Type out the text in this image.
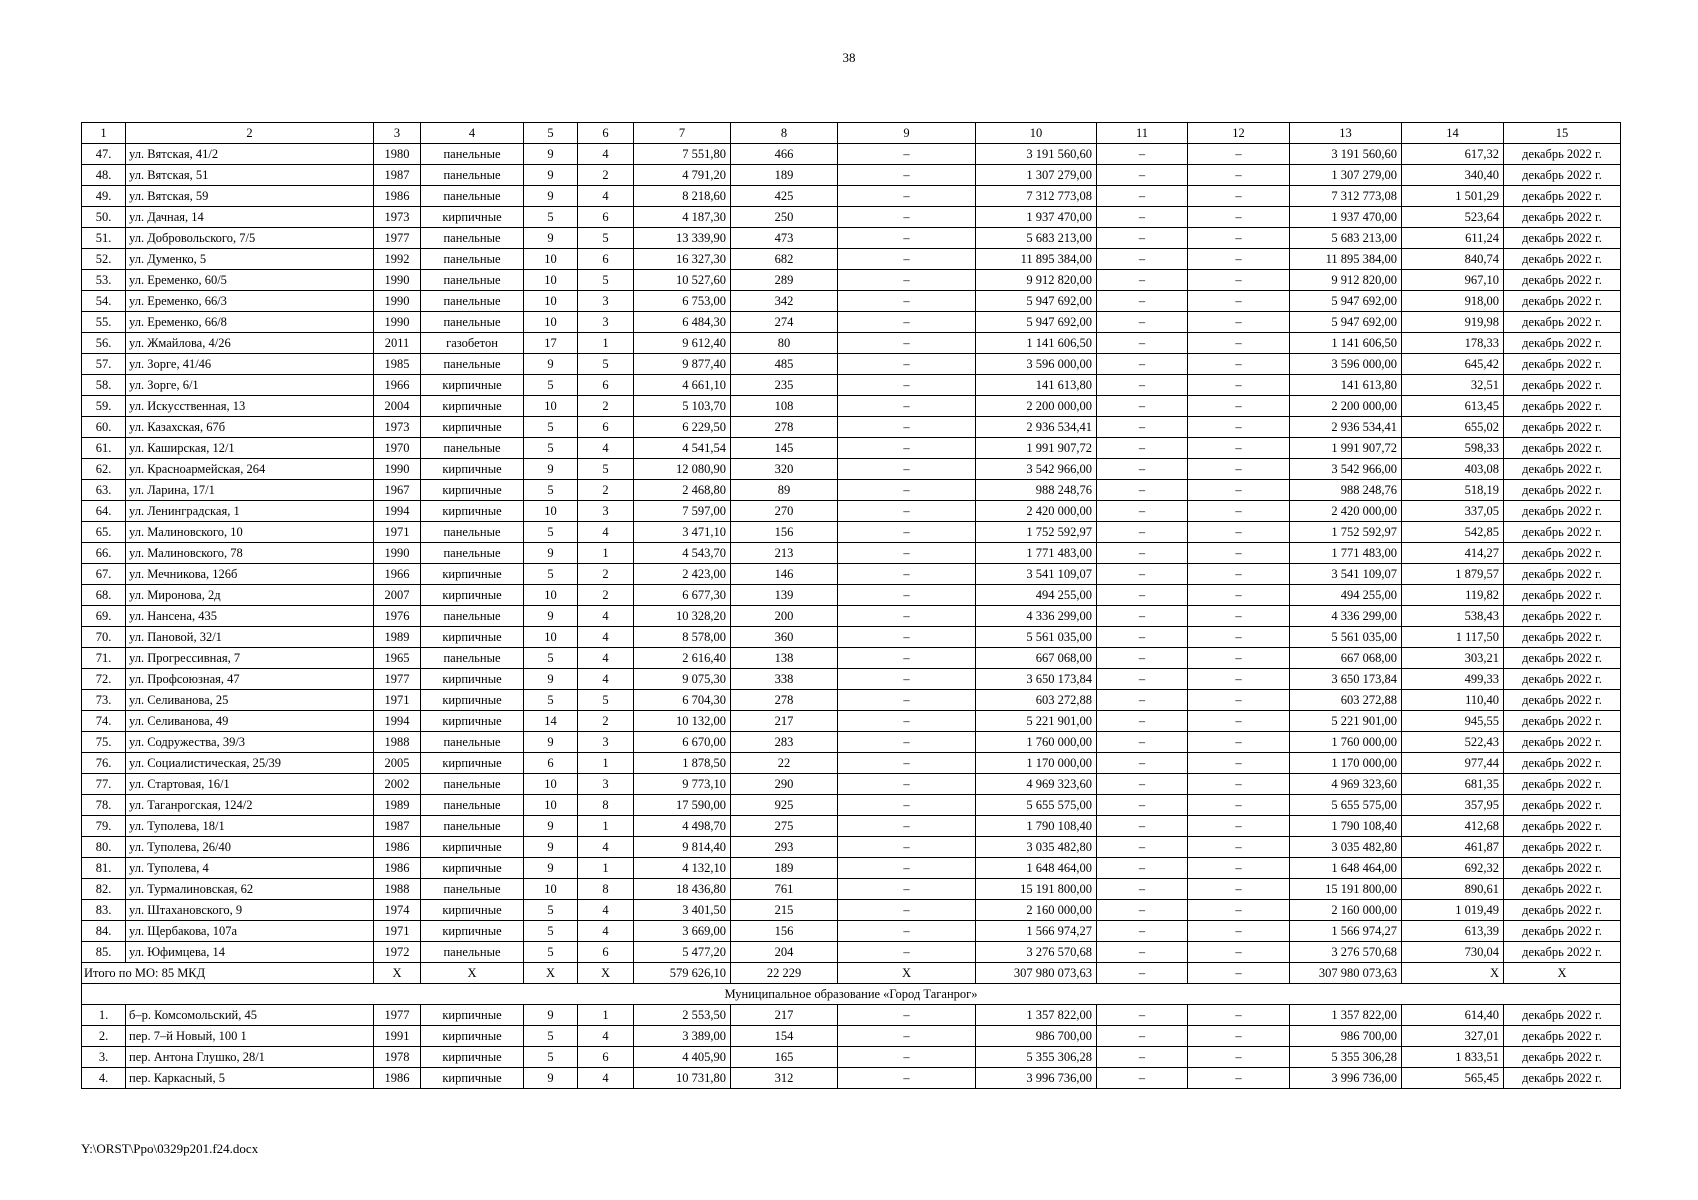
38
1	2	3	4	5	6	7	8	9	10	11	12	13	14	15
47.	ул. Вятская, 41/2	1980	панельные	9	4	7 551,80	466	–	3 191 560,60	–	–	3 191 560,60	617,32	декабрь 2022 г.
48.	ул. Вятская, 51	1987	панельные	9	2	4 791,20	189	–	1 307 279,00	–	–	1 307 279,00	340,40	декабрь 2022 г.
49.	ул. Вятская, 59	1986	панельные	9	4	8 218,60	425	–	7 312 773,08	–	–	7 312 773,08	1 501,29	декабрь 2022 г.
50.	ул. Дачная, 14	1973	кирпичные	5	6	4 187,30	250	–	1 937 470,00	–	–	1 937 470,00	523,64	декабрь 2022 г.
51.	ул. Добровольского, 7/5	1977	панельные	9	5	13 339,90	473	–	5 683 213,00	–	–	5 683 213,00	611,24	декабрь 2022 г.
52.	ул. Думенко, 5	1992	панельные	10	6	16 327,30	682	–	11 895 384,00	–	–	11 895 384,00	840,74	декабрь 2022 г.
53.	ул. Еременко, 60/5	1990	панельные	10	5	10 527,60	289	–	9 912 820,00	–	–	9 912 820,00	967,10	декабрь 2022 г.
54.	ул. Еременко, 66/3	1990	панельные	10	3	6 753,00	342	–	5 947 692,00	–	–	5 947 692,00	918,00	декабрь 2022 г.
55.	ул. Еременко, 66/8	1990	панельные	10	3	6 484,30	274	–	5 947 692,00	–	–	5 947 692,00	919,98	декабрь 2022 г.
56.	ул. Жмайлова, 4/26	2011	газобетон	17	1	9 612,40	80	–	1 141 606,50	–	–	1 141 606,50	178,33	декабрь 2022 г.
57.	ул. Зорге, 41/46	1985	панельные	9	5	9 877,40	485	–	3 596 000,00	–	–	3 596 000,00	645,42	декабрь 2022 г.
58.	ул. Зорге, 6/1	1966	кирпичные	5	6	4 661,10	235	–	141 613,80	–	–	141 613,80	32,51	декабрь 2022 г.
59.	ул. Искусственная, 13	2004	кирпичные	10	2	5 103,70	108	–	2 200 000,00	–	–	2 200 000,00	613,45	декабрь 2022 г.
60.	ул. Казахская, 67б	1973	кирпичные	5	6	6 229,50	278	–	2 936 534,41	–	–	2 936 534,41	655,02	декабрь 2022 г.
61.	ул. Каширская, 12/1	1970	панельные	5	4	4 541,54	145	–	1 991 907,72	–	–	1 991 907,72	598,33	декабрь 2022 г.
62.	ул. Красноармейская, 264	1990	кирпичные	9	5	12 080,90	320	–	3 542 966,00	–	–	3 542 966,00	403,08	декабрь 2022 г.
63.	ул. Ларина, 17/1	1967	кирпичные	5	2	2 468,80	89	–	988 248,76	–	–	988 248,76	518,19	декабрь 2022 г.
64.	ул. Ленинградская, 1	1994	кирпичные	10	3	7 597,00	270	–	2 420 000,00	–	–	2 420 000,00	337,05	декабрь 2022 г.
65.	ул. Малиновского, 10	1971	панельные	5	4	3 471,10	156	–	1 752 592,97	–	–	1 752 592,97	542,85	декабрь 2022 г.
66.	ул. Малиновского, 78	1990	панельные	9	1	4 543,70	213	–	1 771 483,00	–	–	1 771 483,00	414,27	декабрь 2022 г.
67.	ул. Мечникова, 126б	1966	кирпичные	5	2	2 423,00	146	–	3 541 109,07	–	–	3 541 109,07	1 879,57	декабрь 2022 г.
68.	ул. Миронова, 2д	2007	кирпичные	10	2	6 677,30	139	–	494 255,00	–	–	494 255,00	119,82	декабрь 2022 г.
69.	ул. Нансена, 435	1976	панельные	9	4	10 328,20	200	–	4 336 299,00	–	–	4 336 299,00	538,43	декабрь 2022 г.
70.	ул. Пановой, 32/1	1989	кирпичные	10	4	8 578,00	360	–	5 561 035,00	–	–	5 561 035,00	1 117,50	декабрь 2022 г.
71.	ул. Прогрессивная, 7	1965	панельные	5	4	2 616,40	138	–	667 068,00	–	–	667 068,00	303,21	декабрь 2022 г.
72.	ул. Профсоюзная, 47	1977	кирпичные	9	4	9 075,30	338	–	3 650 173,84	–	–	3 650 173,84	499,33	декабрь 2022 г.
73.	ул. Селиванова, 25	1971	кирпичные	5	5	6 704,30	278	–	603 272,88	–	–	603 272,88	110,40	декабрь 2022 г.
74.	ул. Селиванова, 49	1994	кирпичные	14	2	10 132,00	217	–	5 221 901,00	–	–	5 221 901,00	945,55	декабрь 2022 г.
75.	ул. Содружества, 39/3	1988	панельные	9	3	6 670,00	283	–	1 760 000,00	–	–	1 760 000,00	522,43	декабрь 2022 г.
76.	ул. Социалистическая, 25/39	2005	кирпичные	6	1	1 878,50	22	–	1 170 000,00	–	–	1 170 000,00	977,44	декабрь 2022 г.
77.	ул. Стартовая, 16/1	2002	панельные	10	3	9 773,10	290	–	4 969 323,60	–	–	4 969 323,60	681,35	декабрь 2022 г.
78.	ул. Таганрогская, 124/2	1989	панельные	10	8	17 590,00	925	–	5 655 575,00	–	–	5 655 575,00	357,95	декабрь 2022 г.
79.	ул. Туполева, 18/1	1987	панельные	9	1	4 498,70	275	–	1 790 108,40	–	–	1 790 108,40	412,68	декабрь 2022 г.
80.	ул. Туполева, 26/40	1986	кирпичные	9	4	9 814,40	293	–	3 035 482,80	–	–	3 035 482,80	461,87	декабрь 2022 г.
81.	ул. Туполева, 4	1986	кирпичные	9	1	4 132,10	189	–	1 648 464,00	–	–	1 648 464,00	692,32	декабрь 2022 г.
82.	ул. Турмалиновская, 62	1988	панельные	10	8	18 436,80	761	–	15 191 800,00	–	–	15 191 800,00	890,61	декабрь 2022 г.
83.	ул. Штахановского, 9	1974	кирпичные	5	4	3 401,50	215	–	2 160 000,00	–	–	2 160 000,00	1 019,49	декабрь 2022 г.
84.	ул. Щербакова, 107а	1971	кирпичные	5	4	3 669,00	156	–	1 566 974,27	–	–	1 566 974,27	613,39	декабрь 2022 г.
85.	ул. Юфимцева, 14	1972	панельные	5	6	5 477,20	204	–	3 276 570,68	–	–	3 276 570,68	730,04	декабрь 2022 г.
Итого по МО: 85 МКД		X	X	X	X	579 626,10	22 229	X	307 980 073,63	–	–	307 980 073,63	X	X
Муниципальное образование «Город Таганрог»														
1.	б–р. Комсомольский, 45	1977	кирпичные	9	1	2 553,50	217	–	1 357 822,00	–	–	1 357 822,00	614,40	декабрь 2022 г.
2.	пер. 7–й Новый, 100 1	1991	кирпичные	5	4	3 389,00	154	–	986 700,00	–	–	986 700,00	327,01	декабрь 2022 г.
3.	пер. Антона Глушко, 28/1	1978	кирпичные	5	6	4 405,90	165	–	5 355 306,28	–	–	5 355 306,28	1 833,51	декабрь 2022 г.
4.	пер. Каркасный, 5	1986	кирпичные	9	4	10 731,80	312	–	3 996 736,00	–	–	3 996 736,00	565,45	декабрь 2022 г.
Y:\ORST\Ppo\0329p201.f24.docx
